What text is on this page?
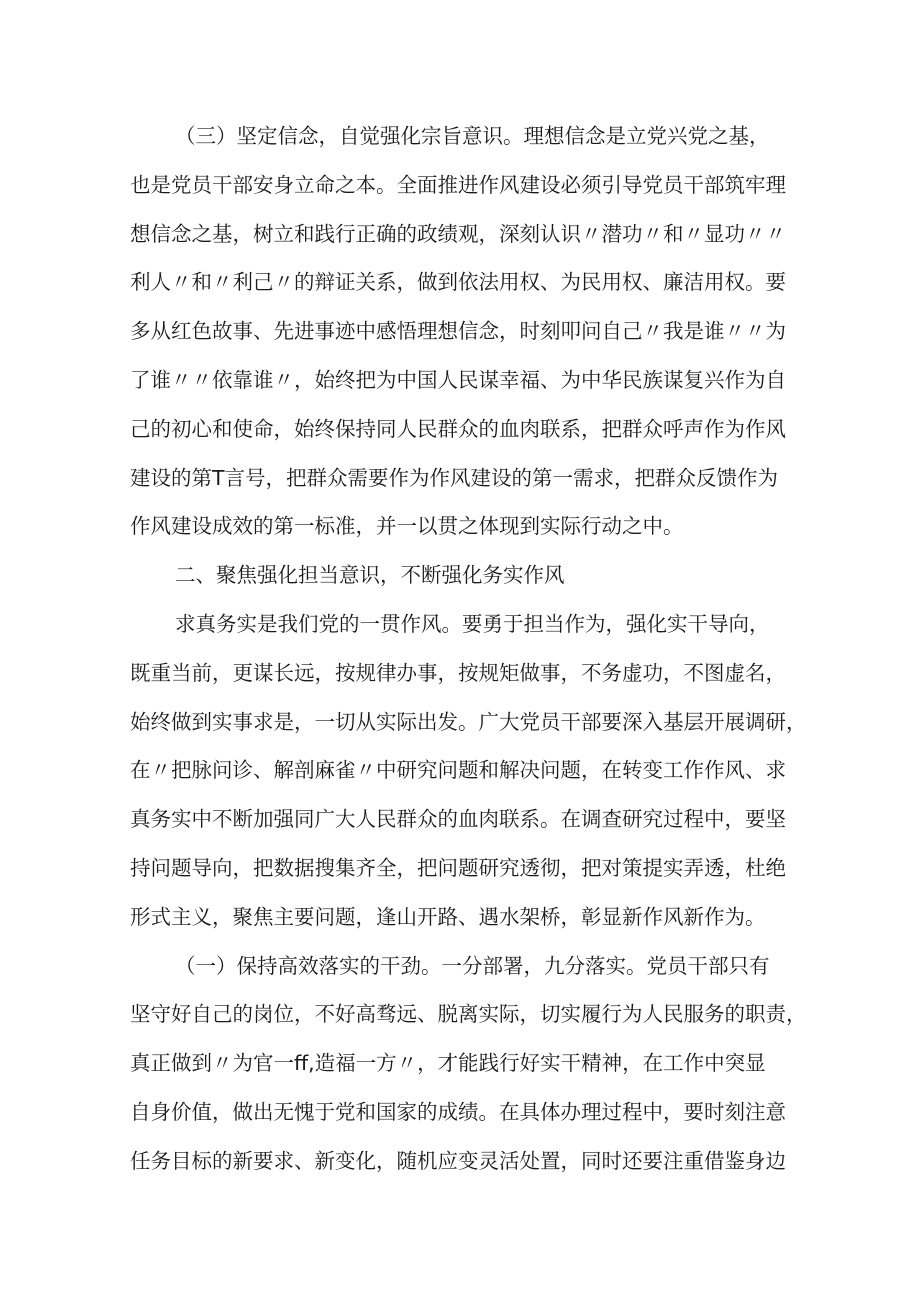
（三）坚定信念，自觉强化宗旨意识。理想信念是立党兴党之基，
也是党员干部安身立命之本。全面推进作风建设必须引导党员干部筑牢理
想信念之基，树立和践行正确的政绩观，深刻认识〃潜功〃和〃显功〃〃
利人〃和〃利己〃的辩证关系，做到依法用权、为民用权、廉洁用权。要
多从红色故事、先进事迹中感悟理想信念，时刻叩问自己〃我是谁〃〃为
了谁〃〃依靠谁〃，始终把为中国人民谋幸福、为中华民族谋复兴作为自
己的初心和使命，始终保持同人民群众的血肉联系，把群众呼声作为作风
建设的第T言号，把群众需要作为作风建设的第一需求，把群众反馈作为
作风建设成效的第一标准，并一以贯之体现到实际行动之中。
二、聚焦强化担当意识，不断强化务实作风
求真务实是我们党的一贯作风。要勇于担当作为，强化实干导向，
既重当前，更谋长远，按规律办事，按规矩做事，不务虚功，不图虚名，
始终做到实事求是，一切从实际出发。广大党员干部要深入基层开展调研，
在〃把脉问诊、解剖麻雀〃中研究问题和解决问题，在转变工作作风、求
真务实中不断加强同广大人民群众的血肉联系。在调查研究过程中，要坚
持问题导向，把数据搜集齐全，把问题研究透彻，把对策提实弄透，杜绝
形式主义，聚焦主要问题，逢山开路、遇水架桥，彰显新作风新作为。
（一）保持高效落实的干劲。一分部署，九分落实。党员干部只有
坚守好自己的岗位，不好高骛远、脱离实际，切实履行为人民服务的职责，
真正做到〃为官一ff,造福一方〃，才能践行好实干精神，在工作中突显
自身价值，做出无愧于党和国家的成绩。在具体办理过程中，要时刻注意
任务目标的新要求、新变化，随机应变灵活处置，同时还要注重借鉴身边
